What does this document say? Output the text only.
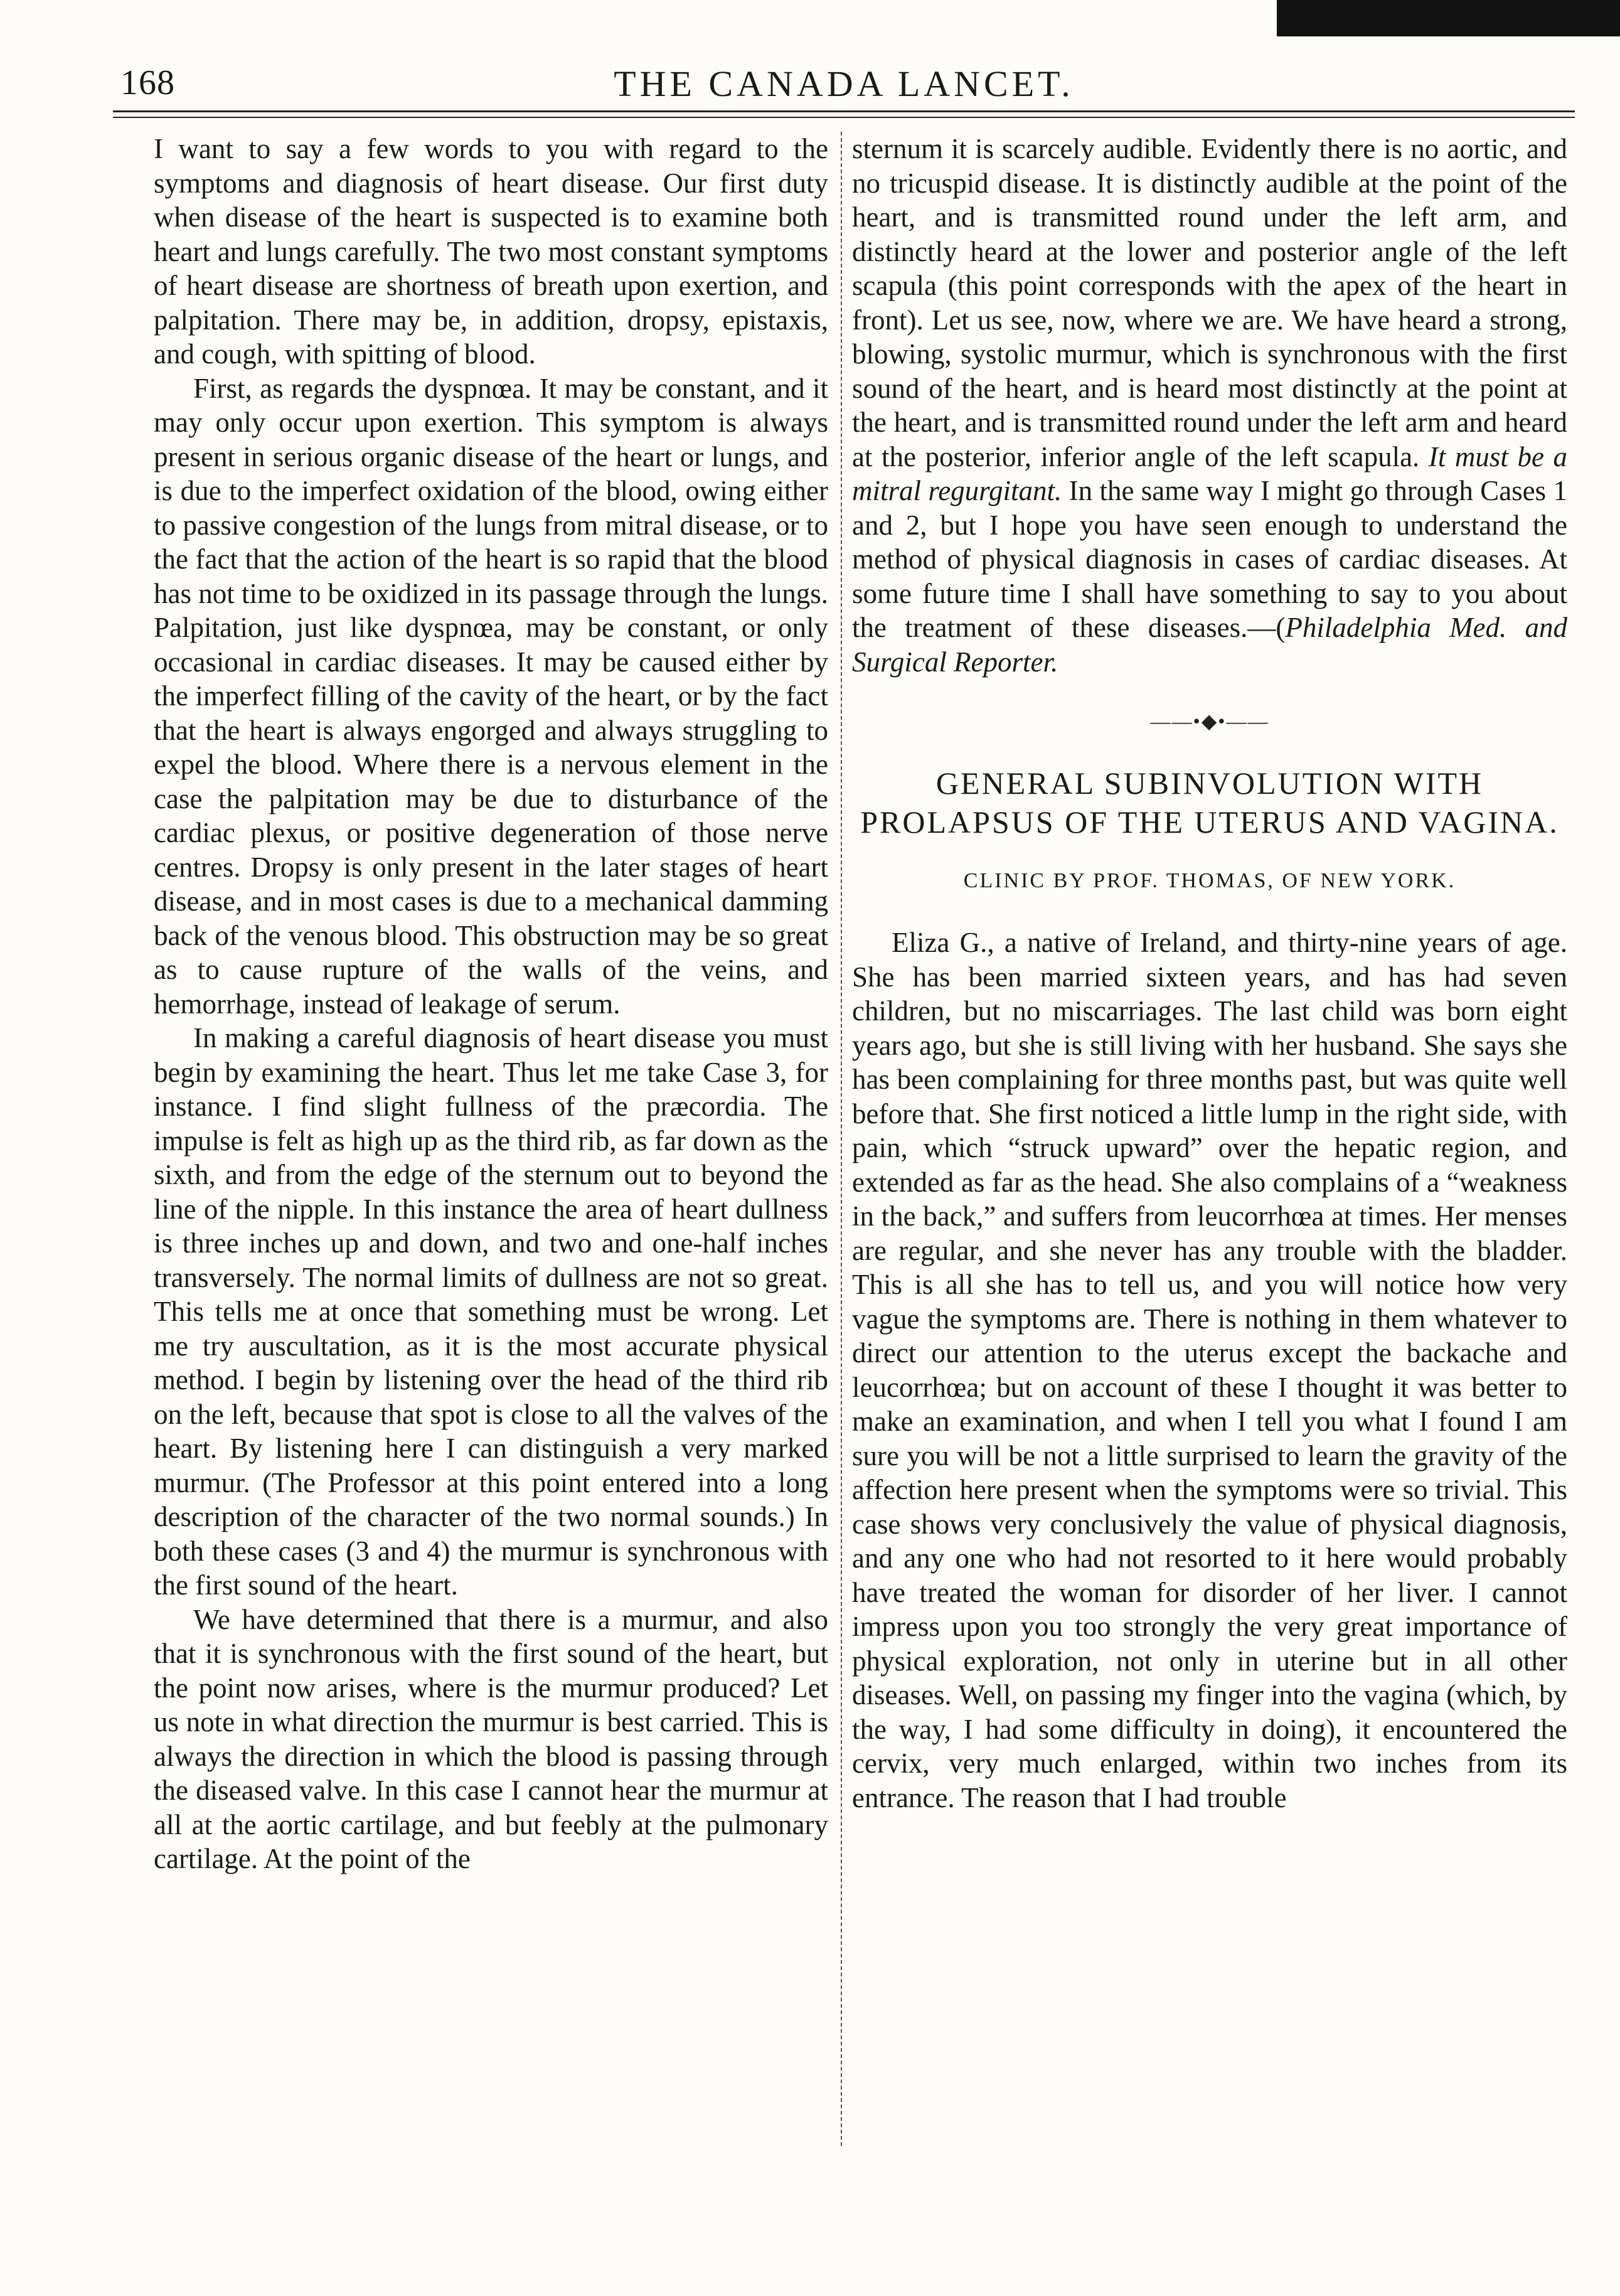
168	THE CANADA LANCET.

I want to say a few words to you with regard to the symptoms and diagnosis of heart disease. Our first duty when disease of the heart is suspected is to examine both heart and lungs carefully. The two most constant symptoms of heart disease are shortness of breath upon exertion, and palpitation. There may be, in addition, dropsy, epistaxis, and cough, with spitting of blood.

First, as regards the dyspnœa. It may be constant, and it may only occur upon exertion. This symptom is always present in serious organic disease of the heart or lungs, and is due to the imperfect oxidation of the blood, owing either to passive congestion of the lungs from mitral disease, or to the fact that the action of the heart is so rapid that the blood has not time to be oxidized in its passage through the lungs. Palpitation, just like dyspnœa, may be constant, or only occasional in cardiac diseases. It may be caused either by the imperfect filling of the cavity of the heart, or by the fact that the heart is always engorged and always struggling to expel the blood. Where there is a nervous element in the case the palpitation may be due to disturbance of the cardiac plexus, or positive degeneration of those nerve centres. Dropsy is only present in the later stages of heart disease, and in most cases is due to a mechanical damming back of the venous blood. This obstruction may be so great as to cause rupture of the walls of the veins, and hemorrhage, instead of leakage of serum.

In making a careful diagnosis of heart disease you must begin by examining the heart. Thus let me take Case 3, for instance. I find slight fullness of the præcordia. The impulse is felt as high up as the third rib, as far down as the sixth, and from the edge of the sternum out to beyond the line of the nipple. In this instance the area of heart dullness is three inches up and down, and two and one-half inches transversely. The normal limits of dullness are not so great. This tells me at once that something must be wrong. Let me try auscultation, as it is the most accurate physical method. I begin by listening over the head of the third rib on the left, because that spot is close to all the valves of the heart. By listening here I can distinguish a very marked murmur. (The Professor at this point entered into a long description of the character of the two normal sounds.) In both these cases (3 and 4) the murmur is synchronous with the first sound of the heart.

We have determined that there is a murmur, and also that it is synchronous with the first sound of the heart, but the point now arises, where is the murmur produced? Let us note in what direction the murmur is best carried. This is always the direction in which the blood is passing through the diseased valve. In this case I cannot hear the murmur at all at the aortic cartilage, and but feebly at the pulmonary cartilage. At the point of the

sternum it is scarcely audible. Evidently there is no aortic, and no tricuspid disease. It is distinctly audible at the point of the heart, and is transmitted round under the left arm, and distinctly heard at the lower and posterior angle of the left scapula (this point corresponds with the apex of the heart in front). Let us see, now, where we are. We have heard a strong, blowing, systolic murmur, which is synchronous with the first sound of the heart, and is heard most distinctly at the point at the heart, and is transmitted round under the left arm and heard at the posterior, inferior angle of the left scapula. It must be a mitral regurgitant. In the same way I might go through Cases 1 and 2, but I hope you have seen enough to understand the method of physical diagnosis in cases of cardiac diseases. At some future time I shall have something to say to you about the treatment of these diseases.—(Philadelphia Med. and Surgical Reporter.

——•◆•——
GENERAL SUBINVOLUTION WITH PROLAPSUS OF THE UTERUS AND VAGINA.
CLINIC BY PROF. THOMAS, OF NEW YORK.

Eliza G., a native of Ireland, and thirty-nine years of age. She has been married sixteen years, and has had seven children, but no miscarriages. The last child was born eight years ago, but she is still living with her husband. She says she has been complaining for three months past, but was quite well before that. She first noticed a little lump in the right side, with pain, which “struck upward” over the hepatic region, and extended as far as the head. She also complains of a “weakness in the back,” and suffers from leucorrhœa at times. Her menses are regular, and she never has any trouble with the bladder. This is all she has to tell us, and you will notice how very vague the symptoms are. There is nothing in them whatever to direct our attention to the uterus except the backache and leucorrhœa; but on account of these I thought it was better to make an examination, and when I tell you what I found I am sure you will be not a little surprised to learn the gravity of the affection here present when the symptoms were so trivial. This case shows very conclusively the value of physical diagnosis, and any one who had not resorted to it here would probably have treated the woman for disorder of her liver. I cannot impress upon you too strongly the very great importance of physical exploration, not only in uterine but in all other diseases. Well, on passing my finger into the vagina (which, by the way, I had some difficulty in doing), it encountered the cervix, very much enlarged, within two inches from its entrance. The reason that I had trouble
